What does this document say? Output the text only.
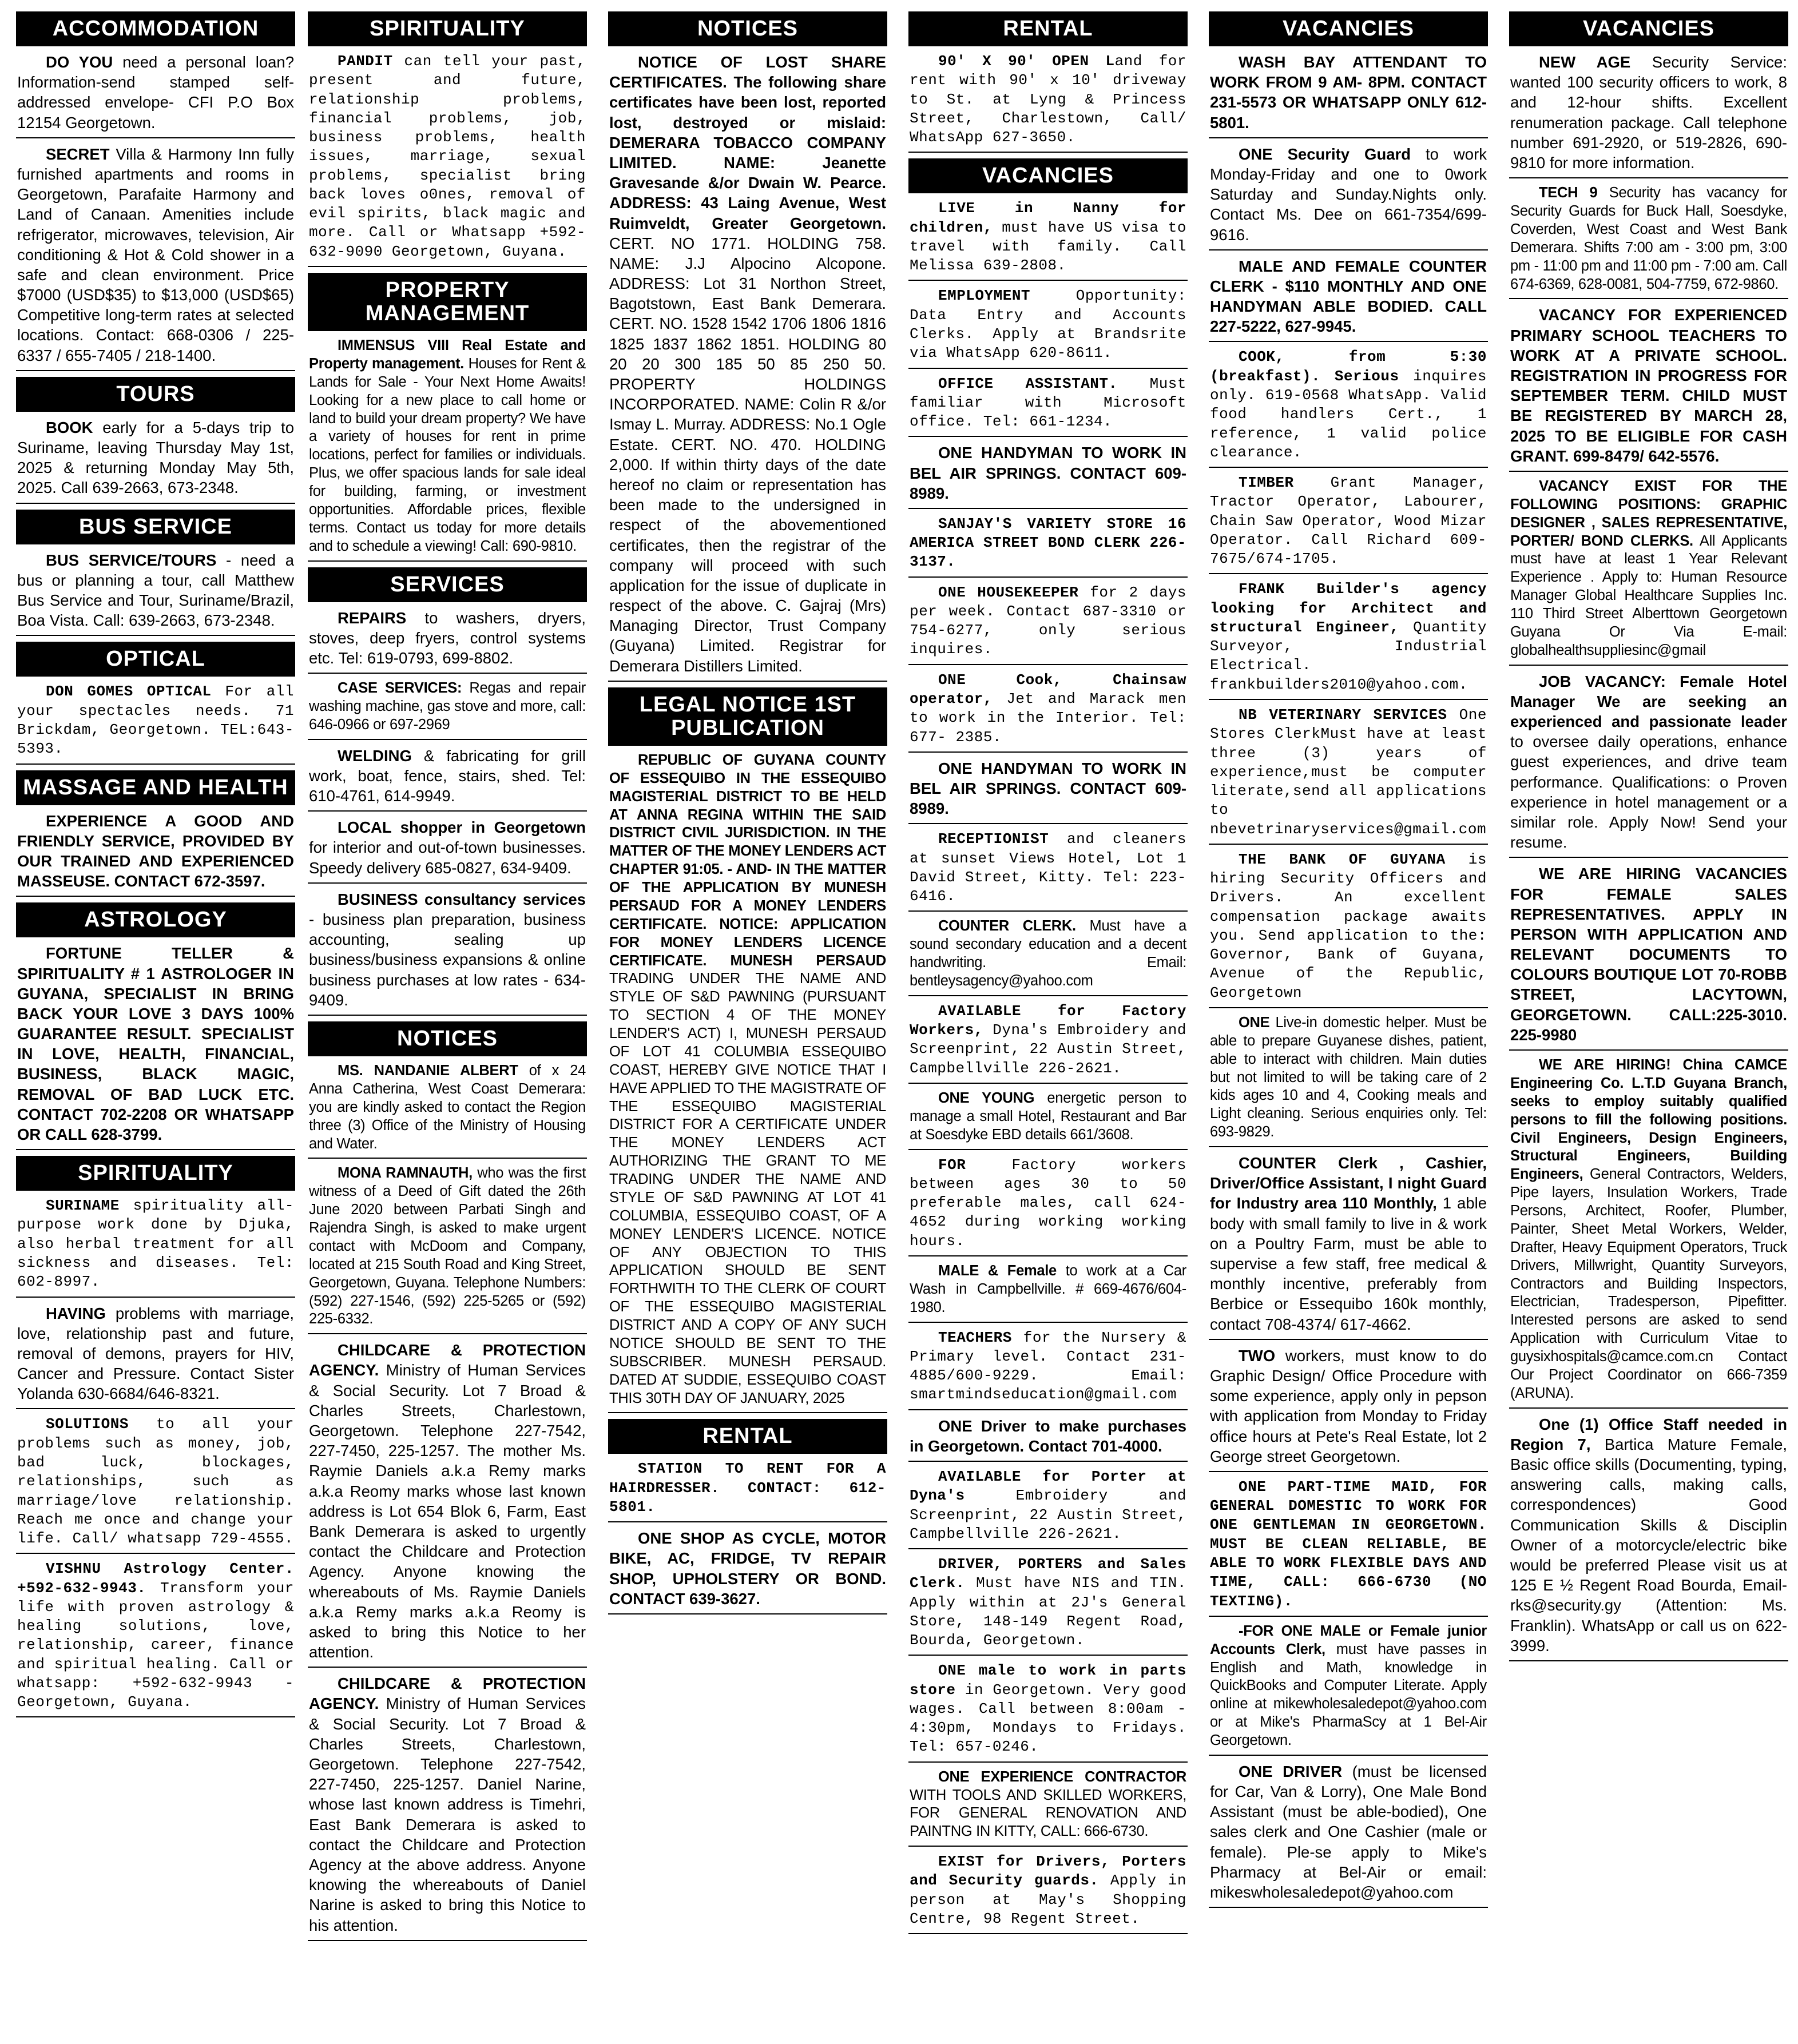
ACCOMMODATION

DO YOU need a personal loan? Information-send stamped self-addressed envelope- CFI P.O Box 12154 Georgetown.

SECRET Villa & Harmony Inn fully furnished apartments and rooms in Georgetown, Parafaite Harmony and Land of Canaan. Amenities include refrigerator, microwaves, television, Air conditioning & Hot & Cold shower in a safe and clean environment. Price $7000 (USD$35) to $13,000 (USD$65) Competitive long-term rates at selected locations. Contact: 668-0306 / 225-6337 / 655-7405 / 218-1400.

TOURS

BOOK early for a 5-days trip to Suriname, leaving Thursday May 1st, 2025 & returning Monday May 5th, 2025. Call 639-2663, 673-2348.

BUS SERVICE

BUS SERVICE/TOURS - need a bus or planning a tour, call Matthew Bus Service and Tour, Suriname/Brazil, Boa Vista. Call: 639-2663, 673-2348.

OPTICAL

DON GOMES OPTICAL For all your spectacles needs. 71 Brickdam, Georgetown. TEL:643-5393.

MASSAGE AND HEALTH

EXPERIENCE A GOOD AND FRIENDLY SERVICE, PROVIDED BY OUR TRAINED AND EXPERIENCED MASSEUSE. CONTACT 672-3597.

ASTROLOGY

FORTUNE TELLER & SPIRITUALITY # 1 ASTROLOGER IN GUYANA, SPECIALIST IN BRING BACK YOUR LOVE 3 DAYS 100% GUARANTEE RESULT. SPECIALIST IN LOVE, HEALTH, FINANCIAL, BUSINESS, BLACK MAGIC, REMOVAL OF BAD LUCK ETC. CONTACT 702-2208 OR WHATSAPP OR CALL 628-3799.

SPIRITUALITY

SURINAME spirituality all-purpose work done by Djuka, also herbal treatment for all sickness and diseases. Tel: 602-8997.

HAVING problems with marriage, love, relationship past and future, removal of demons, prayers for HIV, Cancer and Pressure. Contact Sister Yolanda 630-6684/646-8321.

SOLUTIONS to all your problems such as money, job, bad luck, blockages, relationships, such as marriage/love relationship. Reach me once and change your life. Call/ whatsapp 729-4555.

VISHNU Astrology Center. +592-632-9943. Transform your life with proven astrology & healing solutions, love, relationship, career, finance and spiritual healing. Call or whatsapp: +592-632-9943 - Georgetown, Guyana.

SPIRITUALITY

PANDIT can tell your past, present and future, relationship problems, financial problems, job, business problems, health issues, marriage, sexual problems, specialist bring back loves o0nes, removal of evil spirits, black magic and more. Call or Whatsapp +592-632-9090 Georgetown, Guyana.

PROPERTY MANAGEMENT

IMMENSUS VIII Real Estate and Property management. Houses for Rent & Lands for Sale - Your Next Home Awaits! Looking for a new place to call home or land to build your dream property? We have a variety of houses for rent in prime locations, perfect for families or individuals. Plus, we offer spacious lands for sale ideal for building, farming, or investment opportunities. Affordable prices, flexible terms. Contact us today for more details and to schedule a viewing! Call: 690-9810.

SERVICES

REPAIRS to washers, dryers, stoves, deep fryers, control systems etc. Tel: 619-0793, 699-8802.

CASE SERVICES: Regas and repair washing machine, gas stove and more, call: 646-0966 or 697-2969

WELDING & fabricating for grill work, boat, fence, stairs, shed. Tel: 610-4761, 614-9949.

LOCAL shopper in Georgetown for interior and out-of-town businesses. Speedy delivery 685-0827, 634-9409.

BUSINESS consultancy services - business plan preparation, business accounting, sealing up business/business expansions & online business purchases at low rates - 634-9409.

NOTICES

MS. NANDANIE ALBERT of x 24 Anna Catherina, West Coast Demerara: you are kindly asked to contact the Region three (3) Office of the Ministry of Housing and Water.

MONA RAMNAUTH, who was the first witness of a Deed of Gift dated the 26th June 2020 between Parbati Singh and Rajendra Singh, is asked to make urgent contact with McDoom and Company, located at 215 South Road and King Street, Georgetown, Guyana. Telephone Numbers: (592) 227-1546, (592) 225-5265 or (592) 225-6332.

CHILDCARE & PROTECTION AGENCY. Ministry of Human Services & Social Security. Lot 7 Broad & Charles Streets, Charlestown, Georgetown. Telephone 227-7542, 227-7450, 225-1257. The mother Ms. Raymie Daniels a.k.a Remy marks a.k.a Reomy marks whose last known address is Lot 654 Blok 6, Farm, East Bank Demerara is asked to urgently contact the Childcare and Protection Agency. Anyone knowing the whereabouts of Ms. Raymie Daniels a.k.a Remy marks a.k.a Reomy is asked to bring this Notice to her attention.

CHILDCARE & PROTECTION AGENCY. Ministry of Human Services & Social Security. Lot 7 Broad & Charles Streets, Charlestown, Georgetown. Telephone 227-7542, 227-7450, 225-1257. Daniel Narine, whose last known address is Timehri, East Bank Demerara is asked to contact the Childcare and Protection Agency at the above address. Anyone knowing the whereabouts of Daniel Narine is asked to bring this Notice to his attention.

NOTICES

NOTICE OF LOST SHARE CERTIFICATES. The following share certificates have been lost, reported lost, destroyed or mislaid: DEMERARA TOBACCO COMPANY LIMITED. NAME: Jeanette Gravesande &/or Dwain W. Pearce. ADDRESS: 43 Laing Avenue, West Ruimveldt, Greater Georgetown. CERT. NO 1771. HOLDING 758. NAME: J.J Alpocino Alcopone. ADDRESS: Lot 31 Northon Street, Bagotstown, East Bank Demerara. CERT. NO. 1528 1542 1706 1806 1816 1825 1837 1862 1851. HOLDING 80 20 20 300 185 50 85 250 50. PROPERTY HOLDINGS INCORPORATED. NAME: Colin R &/or Ismay L. Murray. ADDRESS: No.1 Ogle Estate. CERT. NO. 470. HOLDING 2,000. If within thirty days of the date hereof no claim or representation has been made to the undersigned in respect of the abovementioned certificates, then the registrar of the company will proceed with such application for the issue of duplicate in respect of the above. C. Gajraj (Mrs) Managing Director, Trust Company (Guyana) Limited. Registrar for Demerara Distillers Limited.

LEGAL NOTICE 1ST PUBLICATION

REPUBLIC OF GUYANA COUNTY OF ESSEQUIBO IN THE ESSEQUIBO MAGISTERIAL DISTRICT TO BE HELD AT ANNA REGINA WITHIN THE SAID DISTRICT CIVIL JURISDICTION. IN THE MATTER OF THE MONEY LENDERS ACT CHAPTER 91:05. - AND- IN THE MATTER OF THE APPLICATION BY MUNESH PERSAUD FOR A MONEY LENDERS CERTIFICATE. NOTICE: APPLICATION FOR MONEY LENDERS LICENCE CERTIFICATE. MUNESH PERSAUD TRADING UNDER THE NAME AND STYLE OF S&D PAWNING (PURSUANT TO SECTION 4 OF THE MONEY LENDER'S ACT) I, MUNESH PERSAUD OF LOT 41 COLUMBIA ESSEQUIBO COAST, HEREBY GIVE NOTICE THAT I HAVE APPLIED TO THE MAGISTRATE OF THE ESSEQUIBO MAGISTERIAL DISTRICT FOR A CERTIFICATE UNDER THE MONEY LENDERS ACT AUTHORIZING THE GRANT TO ME TRADING UNDER THE NAME AND STYLE OF S&D PAWNING AT LOT 41 COLUMBIA, ESSEQUIBO COAST, OF A MONEY LENDER'S LICENCE. NOTICE OF ANY OBJECTION TO THIS APPLICATION SHOULD BE SENT FORTHWITH TO THE CLERK OF COURT OF THE ESSEQUIBO MAGISTERIAL DISTRICT AND A COPY OF ANY SUCH NOTICE SHOULD BE SENT TO THE SUBSCRIBER. MUNESH PERSAUD. DATED AT SUDDIE, ESSEQUIBO COAST THIS 30TH DAY OF JANUARY, 2025

RENTAL

STATION TO RENT FOR A HAIRDRESSER. CONTACT: 612-5801.

ONE SHOP AS CYCLE, MOTOR BIKE, AC, FRIDGE, TV REPAIR SHOP, UPHOLSTERY OR BOND. CONTACT 639-3627.

RENTAL

90' X 90' OPEN Land for rent with 90' x 10' driveway to St. at Lyng & Princess Street, Charlestown, Call/ WhatsApp 627-3650.

VACANCIES

LIVE in Nanny for children, must have US visa to travel with family. Call Melissa 639-2808.

EMPLOYMENT Opportunity: Data Entry and Accounts Clerks. Apply at Brandsrite via WhatsApp 620-8611.

OFFICE ASSISTANT. Must familiar with Microsoft office. Tel: 661-1234.

ONE HANDYMAN TO WORK IN BEL AIR SPRINGS. CONTACT 609-8989.

SANJAY'S VARIETY STORE 16 AMERICA STREET BOND CLERK 226-3137.

ONE HOUSEKEEPER for 2 days per week. Contact 687-3310 or 754-6277, only serious inquires.

ONE Cook, Chainsaw operator, Jet and Marack men to work in the Interior. Tel: 677- 2385.

ONE HANDYMAN TO WORK IN BEL AIR SPRINGS. CONTACT 609-8989.

RECEPTIONIST and cleaners at sunset Views Hotel, Lot 1 David Street, Kitty. Tel: 223-6416.

COUNTER CLERK. Must have a sound secondary education and a decent handwriting. Email: bentleysagency@yahoo.com

AVAILABLE for Factory Workers, Dyna's Embroidery and Screenprint, 22 Austin Street, Campbellville 226-2621.

ONE YOUNG energetic person to manage a small Hotel, Restaurant and Bar at Soesdyke EBD details 661/3608.

FOR Factory workers between ages 30 to 50 preferable males, call 624-4652 during working working hours.

MALE & Female to work at a Car Wash in Campbellville. # 669-4676/604-1980.

TEACHERS for the Nursery & Primary level. Contact 231-4885/600-9229. Email: smartmindseducation@gmail.com

ONE Driver to make purchases in Georgetown. Contact 701-4000.

AVAILABLE for Porter at Dyna's Embroidery and Screenprint, 22 Austin Street, Campbellville 226-2621.

DRIVER, PORTERS and Sales Clerk. Must have NIS and TIN. Apply within at 2J's General Store, 148-149 Regent Road, Bourda, Georgetown.

ONE male to work in parts store in Georgetown. Very good wages. Call between 8:00am - 4:30pm, Mondays to Fridays. Tel: 657-0246.

ONE EXPERIENCE CONTRACTOR WITH TOOLS AND SKILLED WORKERS, FOR GENERAL RENOVATION AND PAINTNG IN KITTY, CALL: 666-6730.

EXIST for Drivers, Porters and Security guards. Apply in person at May's Shopping Centre, 98 Regent Street.

VACANCIES

WASH BAY ATTENDANT TO WORK FROM 9 AM- 8PM. CONTACT 231-5573 OR WHATSAPP ONLY 612-5801.

ONE Security Guard to work Monday-Friday and one to 0work Saturday and Sunday.Nights only. Contact Ms. Dee on 661-7354/699-9616.

MALE AND FEMALE COUNTER CLERK - $110 MONTHLY AND ONE HANDYMAN ABLE BODIED. CALL 227-5222, 627-9945.

COOK, from 5:30 (breakfast). Serious inquires only. 619-0568 WhatsApp. Valid food handlers Cert., 1 reference, 1 valid police clearance.

TIMBER Grant Manager, Tractor Operator, Labourer, Chain Saw Operator, Wood Mizar Operator. Call Richard 609-7675/674-1705.

FRANK Builder's agency looking for Architect and structural Engineer, Quantity Surveyor, Industrial Electrical. frankbuilders2010@yahoo.com.

NB VETERINARY SERVICES One Stores ClerkMust have at least three (3) years of experience,must be computer literate,send all applications to nbevetrinaryservices@gmail.com

THE BANK OF GUYANA is hiring Security Officers and Drivers. An excellent compensation package awaits you. Send application to the: Governor, Bank of Guyana, Avenue of the Republic, Georgetown

ONE Live-in domestic helper. Must be able to prepare Guyanese dishes, patient, able to interact with children. Main duties but not limited to will be taking care of 2 kids ages 10 and 4, Cooking meals and Light cleaning. Serious enquiries only. Tel: 693-9829.

COUNTER Clerk , Cashier, Driver/Office Assistant, I night Guard for Industry area 110 Monthly, 1 able body with small family to live in & work on a Poultry Farm, must be able to supervise a few staff, free medical & monthly incentive, preferably from Berbice or Essequibo 160k monthly, contact 708-4374/ 617-4662.

TWO workers, must know to do Graphic Design/ Office Procedure with some experience, apply only in pepson with application from Monday to Friday office hours at Pete's Real Estate, lot 2 George street Georgetown.

ONE PART-TIME MAID, FOR GENERAL DOMESTIC TO WORK FOR ONE GENTLEMAN IN GEORGETOWN. MUST BE CLEAN RELIABLE, BE ABLE TO WORK FLEXIBLE DAYS AND TIME, CALL: 666-6730 (NO TEXTING).

-FOR ONE MALE or Female junior Accounts Clerk, must have passes in English and Math, knowledge in QuickBooks and Computer Literate. Apply online at mikewholesaledepot@yahoo.com or at Mike's PharmaScy at 1 Bel-Air Georgetown.

ONE DRIVER (must be licensed for Car, Van & Lorry), One Male Bond Assistant (must be able-bodied), One sales clerk and One Cashier (male or female). Ple-se apply to Mike's Pharmacy at Bel-Air or email: mikeswholesaledepot@yahoo.com

VACANCIES

NEW AGE Security Service: wanted 100 security officers to work, 8 and 12-hour shifts. Excellent renumeration package. Call telephone number 691-2920, or 519-2826, 690-9810 for more information.

TECH 9 Security has vacancy for Security Guards for Buck Hall, Soesdyke, Coverden, West Coast and West Bank Demerara. Shifts 7:00 am - 3:00 pm, 3:00 pm - 11:00 pm and 11:00 pm - 7:00 am. Call 674-6369, 628-0081, 504-7759, 672-9860.

VACANCY FOR EXPERIENCED PRIMARY SCHOOL TEACHERS TO WORK AT A PRIVATE SCHOOL. REGISTRATION IN PROGRESS FOR SEPTEMBER TERM. CHILD MUST BE REGISTERED BY MARCH 28, 2025 TO BE ELIGIBLE FOR CASH GRANT. 699-8479/ 642-5576.

VACANCY EXIST FOR THE FOLLOWING POSITIONS: GRAPHIC DESIGNER , SALES REPRESENTATIVE, PORTER/ BOND CLERKS. All Applicants must have at least 1 Year Relevant Experience . Apply to: Human Resource Manager Global Healthcare Supplies Inc. 110 Third Street Alberttown Georgetown Guyana Or Via E-mail: globalhealthsuppliesinc@gmail

JOB VACANCY: Female Hotel Manager We are seeking an experienced and passionate leader to oversee daily operations, enhance guest experiences, and drive team performance. Qualifications: o Proven experience in hotel management or a similar role. Apply Now! Send your resume.

WE ARE HIRING VACANCIES FOR FEMALE SALES REPRESENTATIVES. APPLY IN PERSON WITH APPLICATION AND RELEVANT DOCUMENTS TO COLOURS BOUTIQUE LOT 70-ROBB STREET, LACYTOWN, GEORGETOWN. CALL:225-3010. 225-9980

WE ARE HIRING! China CAMCE Engineering Co. L.T.D Guyana Branch, seeks to employ suitably qualified persons to fill the following positions. Civil Engineers, Design Engineers, Structural Engineers, Building Engineers, General Contractors, Welders, Pipe layers, Insulation Workers, Trade Persons, Architect, Roofer, Plumber, Painter, Sheet Metal Workers, Welder, Drafter, Heavy Equipment Operators, Truck Drivers, Millwright, Quantity Surveyors, Contractors and Building Inspectors, Electrician, Tradesperson, Pipefitter. Interested persons are asked to send Application with Curriculum Vitae to guysixhospitals@camce.com.cn Contact Our Project Coordinator on 666-7359 (ARUNA).

One (1) Office Staff needed in Region 7, Bartica Mature Female, Basic office skills (Documenting, typing, answering calls, making calls, correspondences) Good Communication Skills & Disciplin Owner of a motorcycle/electric bike would be preferred Please visit us at 125 E ½ Regent Road Bourda, Email-rks@security.gy (Attention: Ms. Franklin). WhatsApp or call us on 622-3999.
